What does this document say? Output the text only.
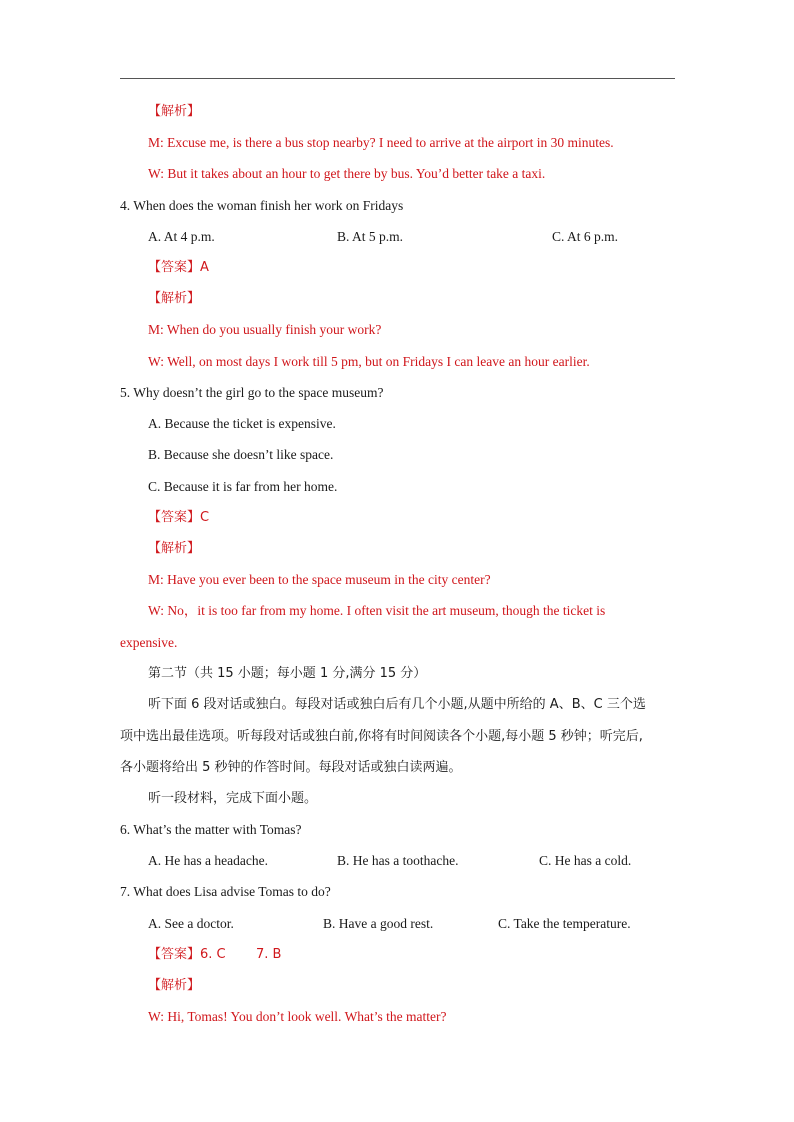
【解析】
M: Excuse me, is there a bus stop nearby? I need to arrive at the airport in 30 minutes.
W: But it takes about an hour to get there by bus. You’d better take a taxi.
4. When does the woman finish her work on Fridays
A. At 4 p.m.	B. At 5 p.m.	C. At 6 p.m.
【答案】A
【解析】
M: When do you usually finish your work?
W: Well, on most days I work till 5 pm, but on Fridays I can leave an hour earlier.
5. Why doesn’t the girl go to the space museum?
A. Because the ticket is expensive.
B. Because she doesn’t like space.
C. Because it is far from her home.
【答案】C
【解析】
M: Have you ever been to the space museum in the city center?
W: No，it is too far from my home. I often visit the art museum, though the ticket is
expensive.
第二节（共 15 小题；每小题 1 分,满分 15 分）
听下面 6 段对话或独白。每段对话或独白后有几个小题,从题中所给的 A、B、C 三个选
项中选出最佳选项。听每段对话或独白前,你将有时间阅读各个小题,每小题 5 秒钟；听完后,
各小题将给出 5 秒钟的作答时间。每段对话或独白读两遍。
听一段材料，完成下面小题。
6. What’s the matter with Tomas?
A. He has a headache.	B. He has a toothache.	C. He has a cold.
7. What does Lisa advise Tomas to do?
A. See a doctor.	B. Have a good rest.	C. Take the temperature.
【答案】6. C 7. B
【解析】
W: Hi, Tomas! You don’t look well. What’s the matter?
